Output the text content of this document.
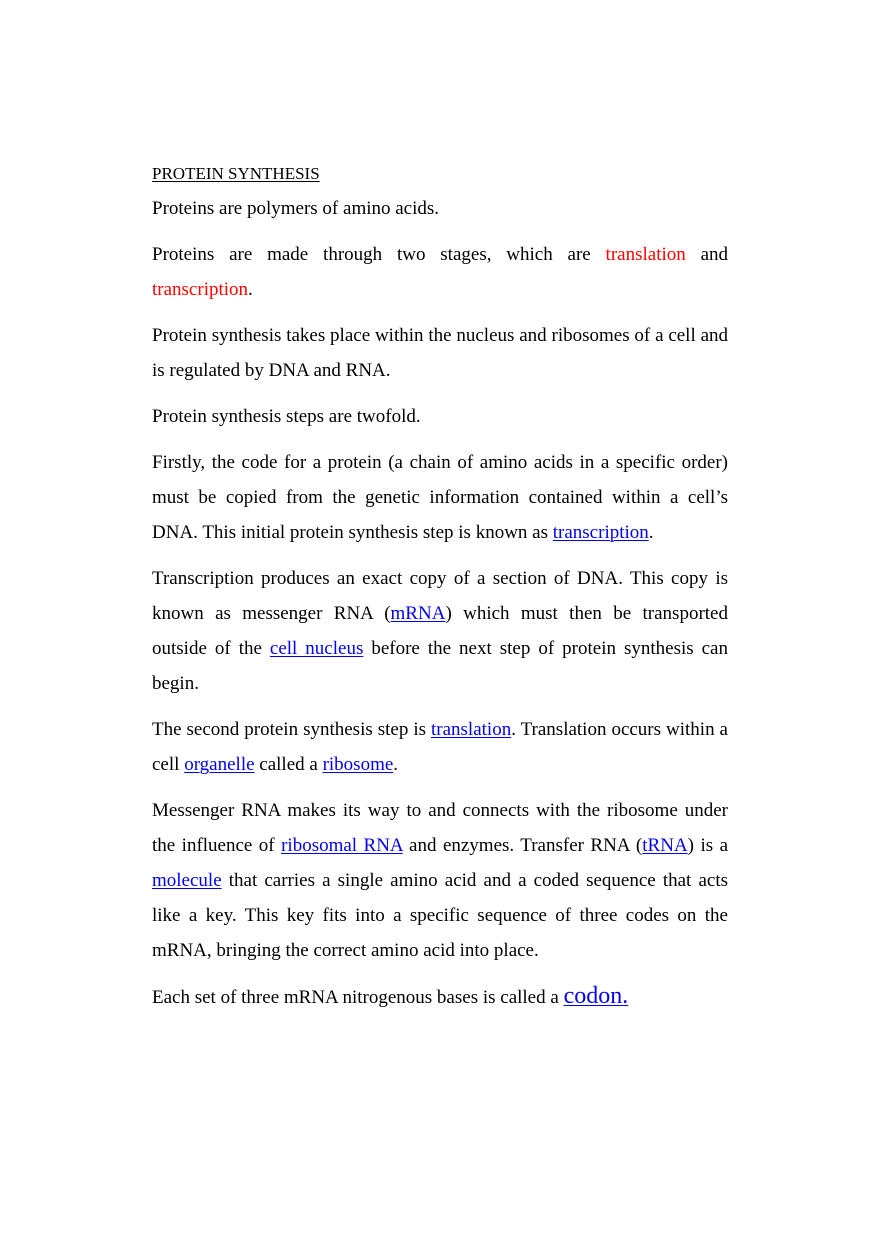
PROTEIN SYNTHESIS

Proteins are polymers of amino acids.

Proteins are made through two stages, which are translation and transcription.

Protein synthesis takes place within the nucleus and ribosomes of a cell and is regulated by DNA and RNA.

Protein synthesis steps are twofold.

Firstly, the code for a protein (a chain of amino acids in a specific order) must be copied from the genetic information contained within a cell’s DNA. This initial protein synthesis step is known as transcription.

Transcription produces an exact copy of a section of DNA. This copy is known as messenger RNA (mRNA) which must then be transported outside of the cell nucleus before the next step of protein synthesis can begin.

The second protein synthesis step is translation. Translation occurs within a cell organelle called a ribosome.

Messenger RNA makes its way to and connects with the ribosome under the influence of ribosomal RNA and enzymes. Transfer RNA (tRNA) is a molecule that carries a single amino acid and a coded sequence that acts like a key. This key fits into a specific sequence of three codes on the mRNA, bringing the correct amino acid into place.

Each set of three mRNA nitrogenous bases is called a codon.
